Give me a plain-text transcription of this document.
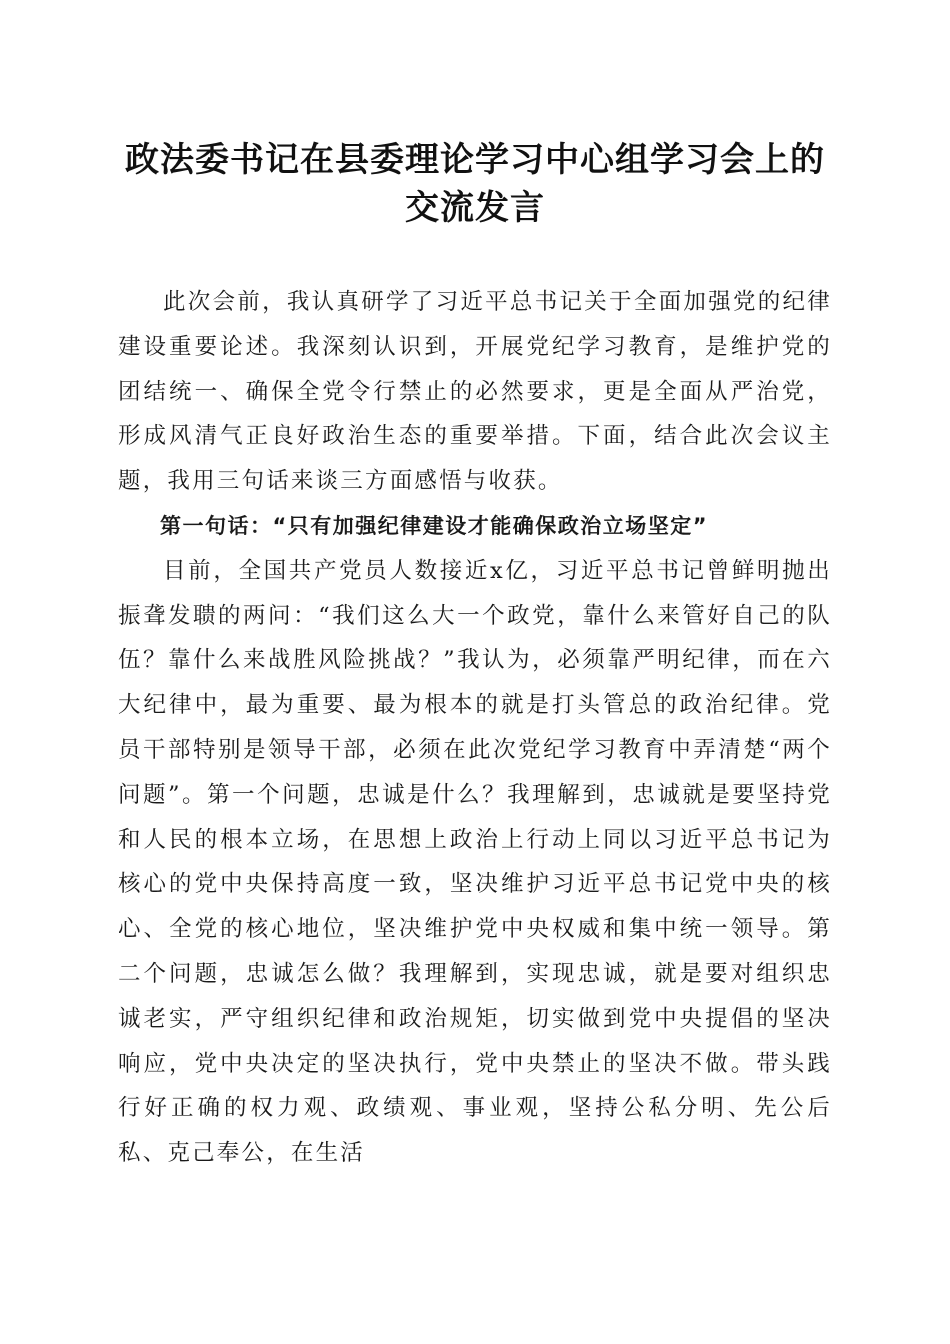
政法委书记在县委理论学习中心组学习会上的
交流发言

此次会前，我认真研学了习近平总书记关于全面加强党的纪律建设重要论述。我深刻认识到，开展党纪学习教育，是维护党的团结统一、确保全党令行禁止的必然要求，更是全面从严治党，形成风清气正良好政治生态的重要举措。下面，结合此次会议主题，我用三句话来谈三方面感悟与收获。

第一句话：“只有加强纪律建设才能确保政治立场坚定”

目前，全国共产党员人数接近x亿，习近平总书记曾鲜明抛出振聋发聩的两问：“我们这么大一个政党，靠什么来管好自己的队伍？靠什么来战胜风险挑战？”我认为，必须靠严明纪律，而在六大纪律中，最为重要、最为根本的就是打头管总的政治纪律。党员干部特别是领导干部，必须在此次党纪学习教育中弄清楚“两个问题”。第一个问题，忠诚是什么？我理解到，忠诚就是要坚持党和人民的根本立场，在思想上政治上行动上同以习近平总书记为核心的党中央保持高度一致，坚决维护习近平总书记党中央的核心、全党的核心地位，坚决维护党中央权威和集中统一领导。第二个问题，忠诚怎么做？我理解到，实现忠诚，就是要对组织忠诚老实，严守组织纪律和政治规矩，切实做到党中央提倡的坚决响应，党中央决定的坚决执行，党中央禁止的坚决不做。带头践行好正确的权力观、政绩观、事业观，坚持公私分明、先公后私、克己奉公，在生活
